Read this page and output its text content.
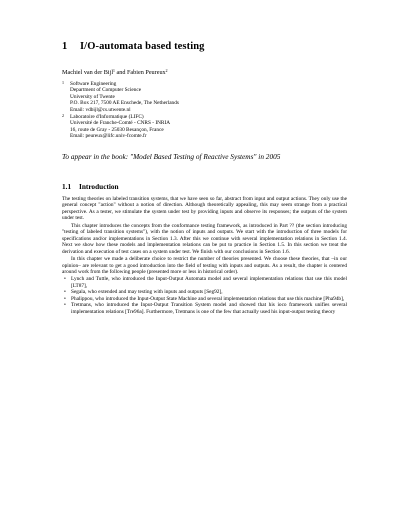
1 I/O-automata based testing
Machiel van der Bijl$^1$ and Fabien Peureux$^2$
1 Software Engineering
Department of Computer Science
University of Twente
P.O. Box 217, 7500 AE Enschede, The Netherlands
Email: vdbijl@cs.utwente.nl
2 Laboratoire d'Informatique (LIFC)
Université de Franche-Comté - CNRS - INRIA
16, route de Gray - 25030 Besançon, France
Email: peureux@lifc.univ-fcomte.fr

To appear in the book: "Model Based Testing of Reactive Systems" in 2005

1.1 Introduction

The testing theories on labeled transition systems, that we have seen so far, abstract from input and output actions. They only use the general concept "action" without a notion of direction. Although theoretically appealing, this may seem strange from a practical perspective. As a tester, we stimulate the system under test by providing inputs and observe its responses; the outputs of the system under test.

This chapter introduces the concepts from the conformance testing framework, as introduced in Part ?? (the section introducing "testing of labeled transition systems"), with the notion of inputs and outputs. We start with the introduction of three models for specifications and/or implementations in Section 1.3. After this we continue with several implementation relations in Section 1.4. Next we show how these models and implementation relations can be put to practice in Section 1.5. In this section we treat the derivation and execution of test cases on a system under test. We finish with our conclusions in Section 1.6.

In this chapter we made a deliberate choice to restrict the number of theories presented. We choose these theories, that –in our opinion– are relevant to get a good introduction into the field of testing with inputs and outputs. As a result, the chapter is centered around work from the following people (presented more or less in historical order).

• Lynch and Tuttle, who introduced the Input-Output Automata model and several implementation relations that use this model [LT87],
• Segala, who extended and may testing with inputs and outputs [Seg92],
• Phalippou, who introduced the Input-Output State Machine and several implementation relations that use this machine [Pha94b],
• Tretmans, who introduced the Input-Output Transition System model and showed that his ioco framework unifies several implementation relations [Tre96a]. Furthermore, Tretmans is one of the few that actually used his input-output testing theory
